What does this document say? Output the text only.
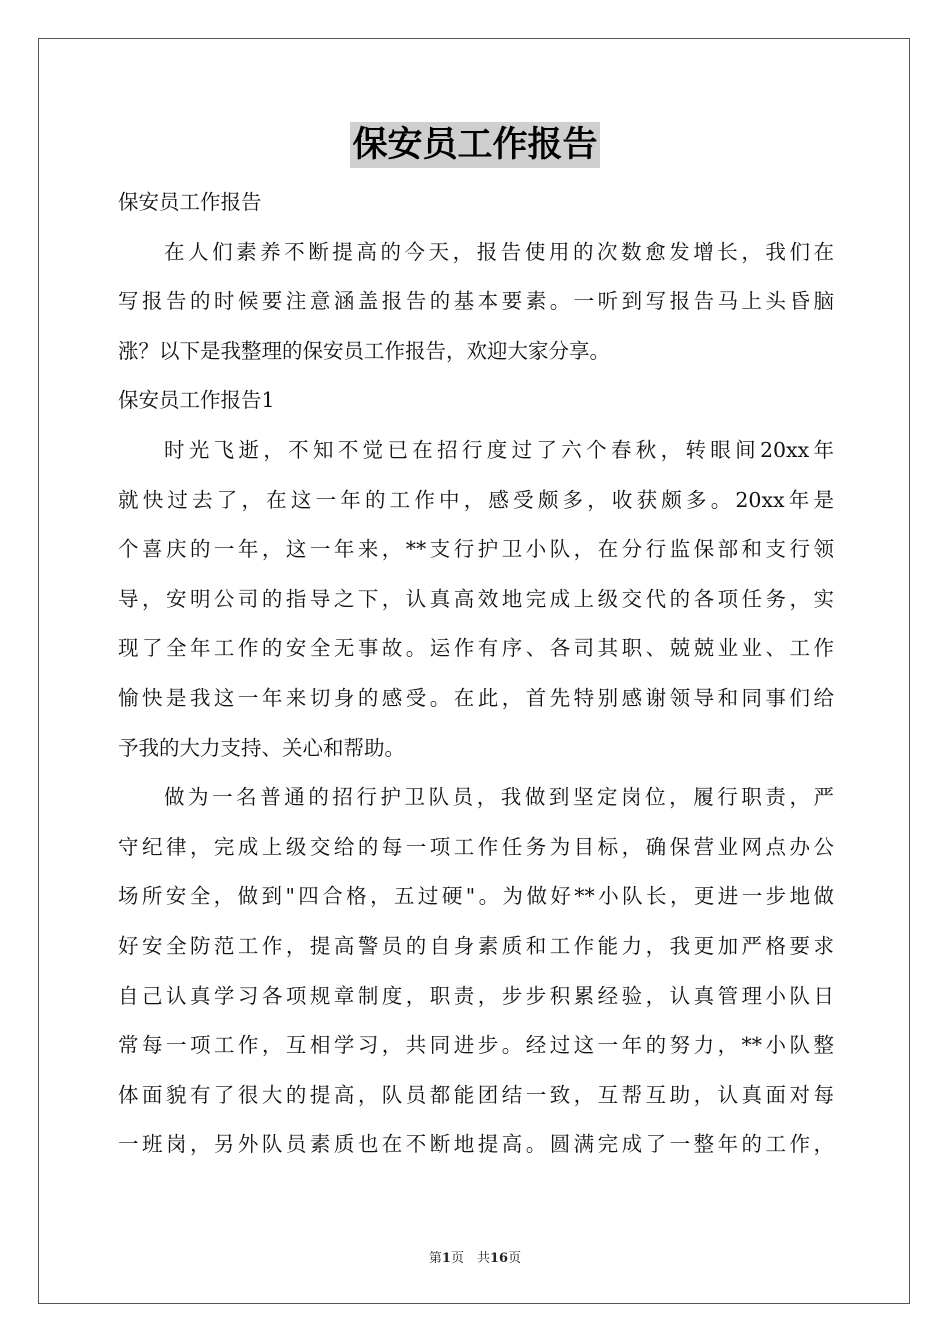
保安员工作报告
保安员工作报告
在人们素养不断提高的今天，报告使用的次数愈发增长，我们在
写报告的时候要注意涵盖报告的基本要素。一听到写报告马上头昏脑
涨？以下是我整理的保安员工作报告，欢迎大家分享。
保安员工作报告1
时光飞逝，不知不觉已在招行度过了六个春秋，转眼间20xx年
就快过去了，在这一年的工作中，感受颇多，收获颇多。20xx年是
个喜庆的一年，这一年来，**支行护卫小队，在分行监保部和支行领
导，安明公司的指导之下，认真高效地完成上级交代的各项任务，实
现了全年工作的安全无事故。运作有序、各司其职、兢兢业业、工作
愉快是我这一年来切身的感受。在此，首先特别感谢领导和同事们给
予我的大力支持、关心和帮助。
做为一名普通的招行护卫队员，我做到坚定岗位，履行职责，严
守纪律，完成上级交给的每一项工作任务为目标，确保营业网点办公
场所安全，做到"四合格，五过硬"。为做好**小队长，更进一步地做
好安全防范工作，提高警员的自身素质和工作能力，我更加严格要求
自己认真学习各项规章制度，职责，步步积累经验，认真管理小队日
常每一项工作，互相学习，共同进步。经过这一年的努力，**小队整
体面貌有了很大的提高，队员都能团结一致，互帮互助，认真面对每
一班岗，另外队员素质也在不断地提高。圆满完成了一整年的工作，
第1页　共16页
